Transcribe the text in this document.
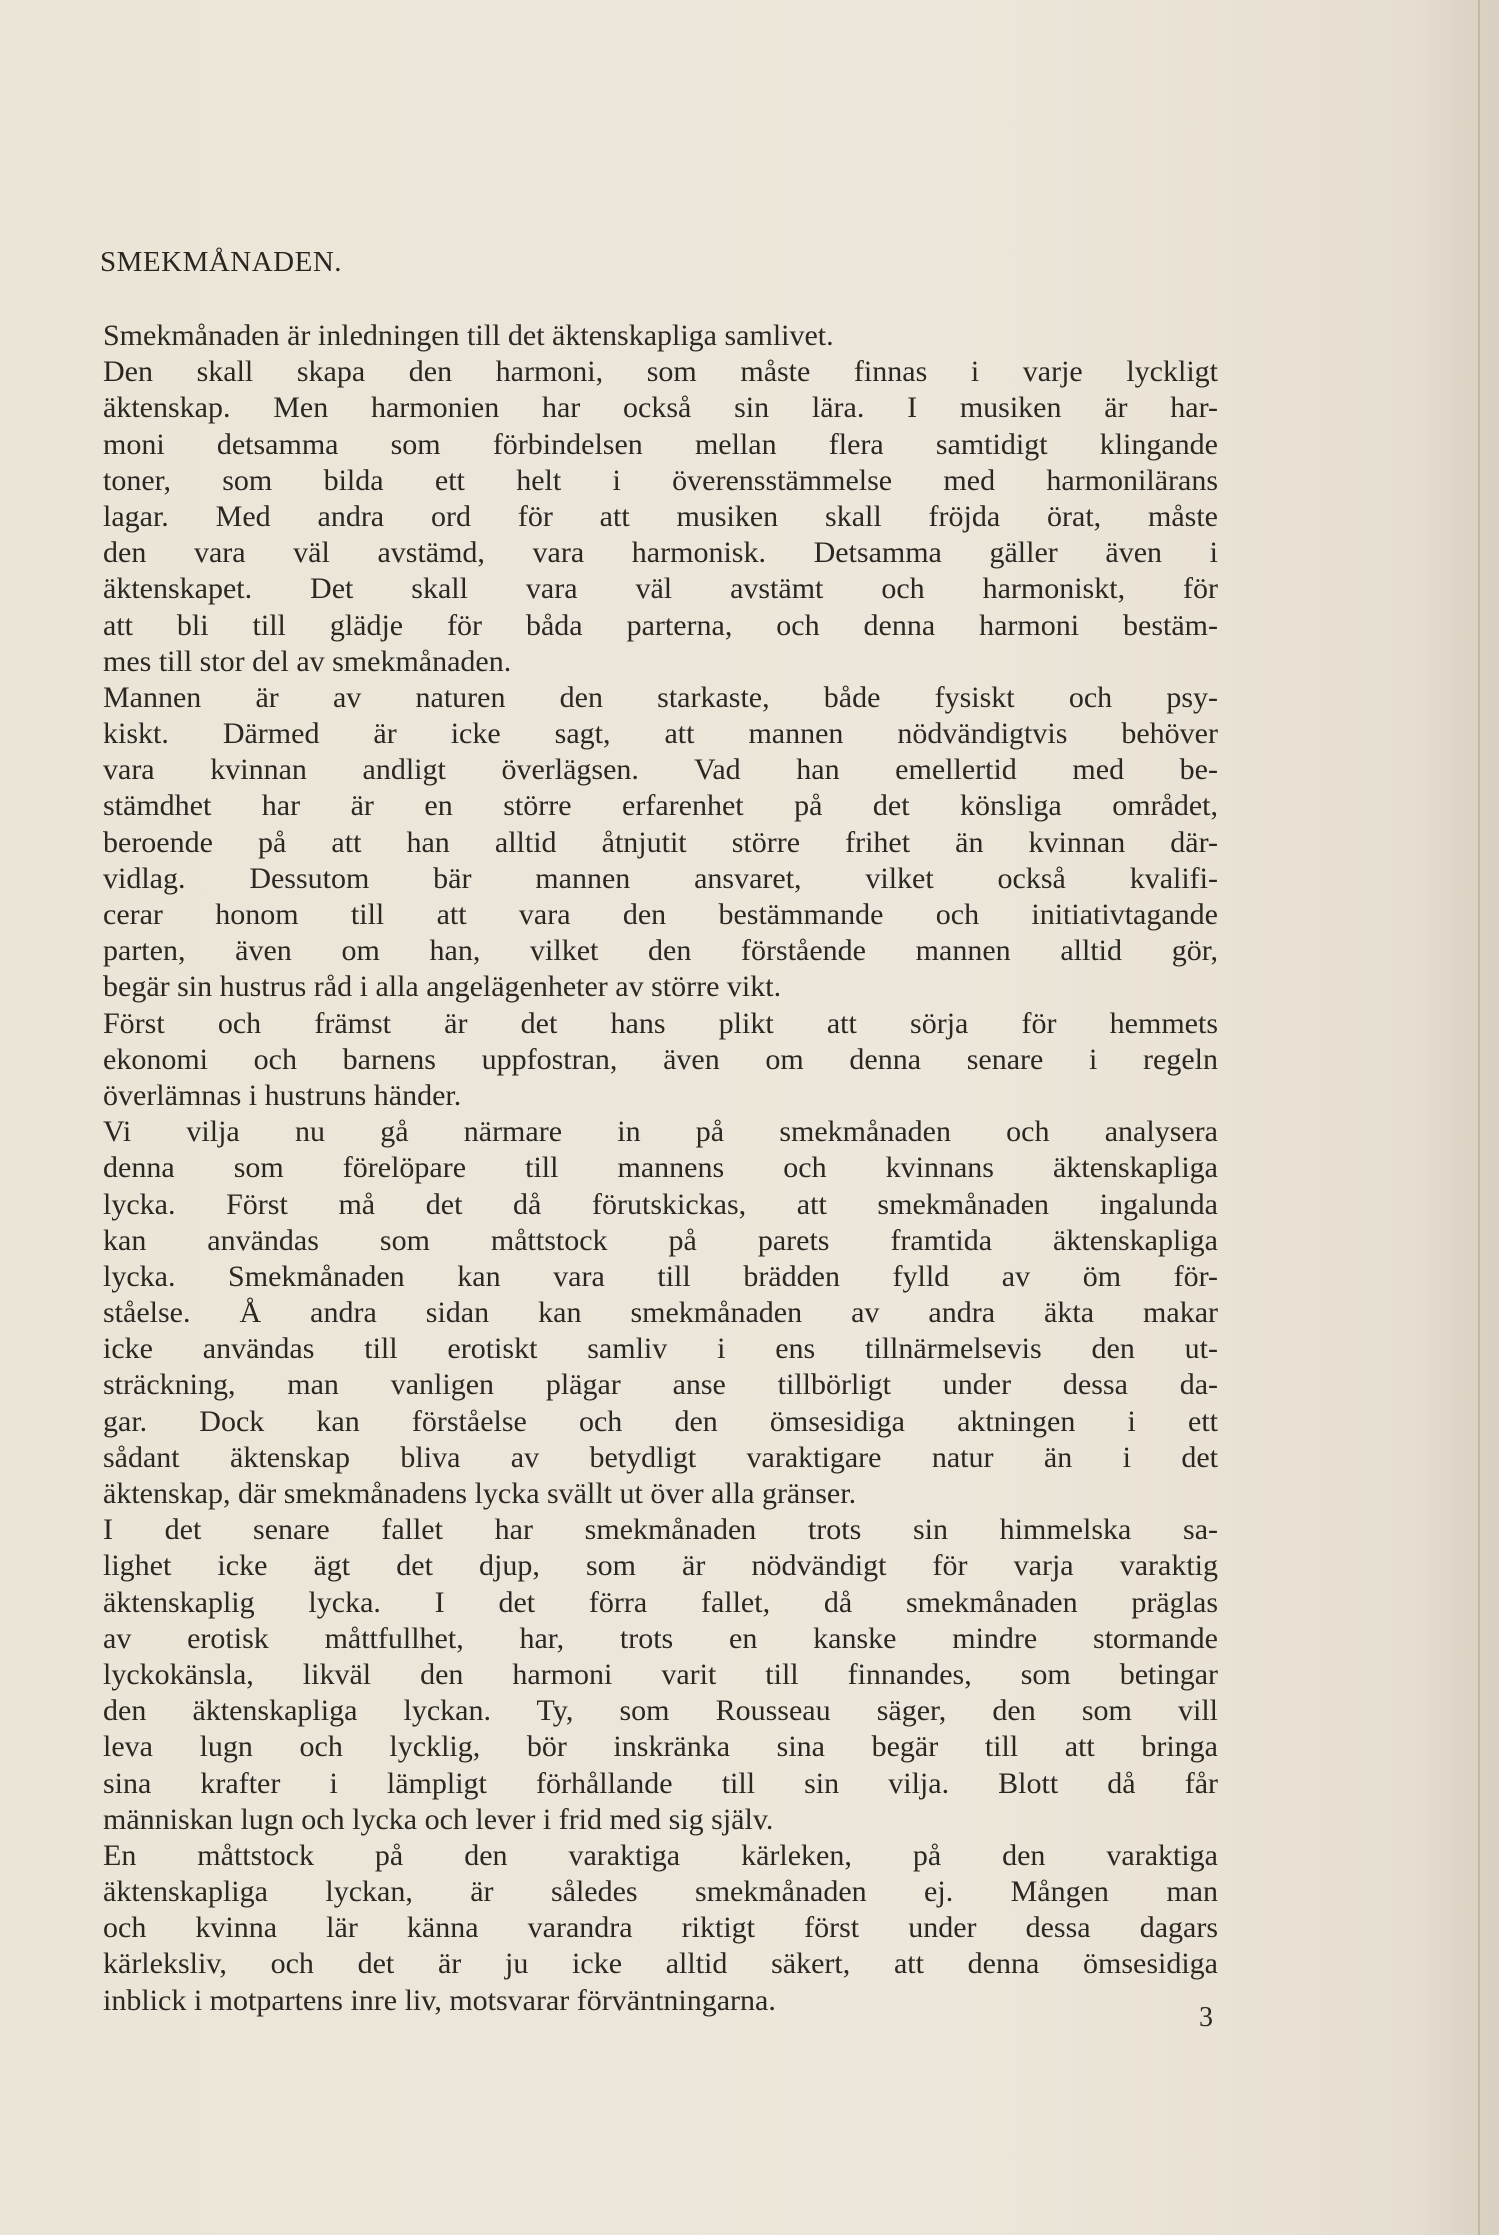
SMEKMÅNADEN.
Smekmånaden är inledningen till det äktenskapliga samlivet.
Den skall skapa den harmoni, som måste finnas i varje lyckligt
äktenskap. Men harmonien har också sin lära. I musiken är har-
moni detsamma som förbindelsen mellan flera samtidigt klingande
toner, som bilda ett helt i överensstämmelse med harmonilärans
lagar. Med andra ord för att musiken skall fröjda örat, måste
den vara väl avstämd, vara harmonisk. Detsamma gäller även i
äktenskapet. Det skall vara väl avstämt och harmoniskt, för
att bli till glädje för båda parterna, och denna harmoni bestäm-
mes till stor del av smekmånaden.
Mannen är av naturen den starkaste, både fysiskt och psy-
kiskt. Därmed är icke sagt, att mannen nödvändigtvis behöver
vara kvinnan andligt överlägsen. Vad han emellertid med be-
stämdhet har är en större erfarenhet på det könsliga området,
beroende på att han alltid åtnjutit större frihet än kvinnan där-
vidlag. Dessutom bär mannen ansvaret, vilket också kvalifi-
cerar honom till att vara den bestämmande och initiativtagande
parten, även om han, vilket den förstående mannen alltid gör,
begär sin hustrus råd i alla angelägenheter av större vikt.
Först och främst är det hans plikt att sörja för hemmets
ekonomi och barnens uppfostran, även om denna senare i regeln
överlämnas i hustruns händer.
Vi vilja nu gå närmare in på smekmånaden och analysera
denna som förelöpare till mannens och kvinnans äktenskapliga
lycka. Först må det då förutskickas, att smekmånaden ingalunda
kan användas som måttstock på parets framtida äktenskapliga
lycka. Smekmånaden kan vara till brädden fylld av öm för-
ståelse. Å andra sidan kan smekmånaden av andra äkta makar
icke användas till erotiskt samliv i ens tillnärmelsevis den ut-
sträckning, man vanligen plägar anse tillbörligt under dessa da-
gar. Dock kan förståelse och den ömsesidiga aktningen i ett
sådant äktenskap bliva av betydligt varaktigare natur än i det
äktenskap, där smekmånadens lycka svällt ut över alla gränser.
I det senare fallet har smekmånaden trots sin himmelska sa-
lighet icke ägt det djup, som är nödvändigt för varja varaktig
äktenskaplig lycka. I det förra fallet, då smekmånaden präglas
av erotisk måttfullhet, har, trots en kanske mindre stormande
lyckokänsla, likväl den harmoni varit till finnandes, som betingar
den äktenskapliga lyckan. Ty, som Rousseau säger, den som vill
leva lugn och lycklig, bör inskränka sina begär till att bringa
sina krafter i lämpligt förhållande till sin vilja. Blott då får
människan lugn och lycka och lever i frid med sig själv.
En måttstock på den varaktiga kärleken, på den varaktiga
äktenskapliga lyckan, är således smekmånaden ej. Mången man
och kvinna lär känna varandra riktigt först under dessa dagars
kärleksliv, och det är ju icke alltid säkert, att denna ömsesidiga
inblick i motpartens inre liv, motsvarar förväntningarna.
3
